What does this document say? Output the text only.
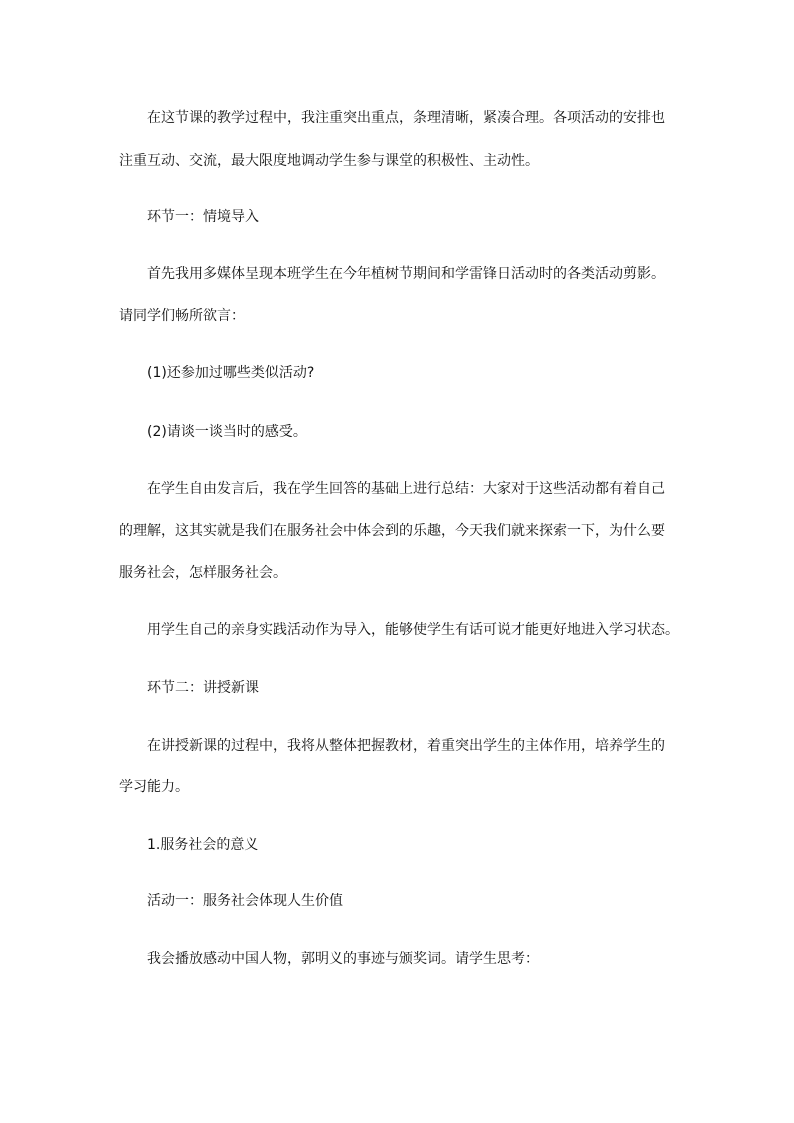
在这节课的教学过程中，我注重突出重点，条理清晰，紧凑合理。各项活动的安排也
注重互动、交流，最大限度地调动学生参与课堂的积极性、主动性。
环节一：情境导入
首先我用多媒体呈现本班学生在今年植树节期间和学雷锋日活动时的各类活动剪影。
请同学们畅所欲言：
(1)还参加过哪些类似活动?
(2)请谈一谈当时的感受。
在学生自由发言后，我在学生回答的基础上进行总结：大家对于这些活动都有着自己
的理解，这其实就是我们在服务社会中体会到的乐趣，今天我们就来探索一下，为什么要
服务社会，怎样服务社会。
用学生自己的亲身实践活动作为导入，能够使学生有话可说才能更好地进入学习状态。
环节二：讲授新课
在讲授新课的过程中，我将从整体把握教材，着重突出学生的主体作用，培养学生的
学习能力。
1.服务社会的意义
活动一：服务社会体现人生价值
我会播放感动中国人物，郭明义的事迹与颁奖词。请学生思考：
